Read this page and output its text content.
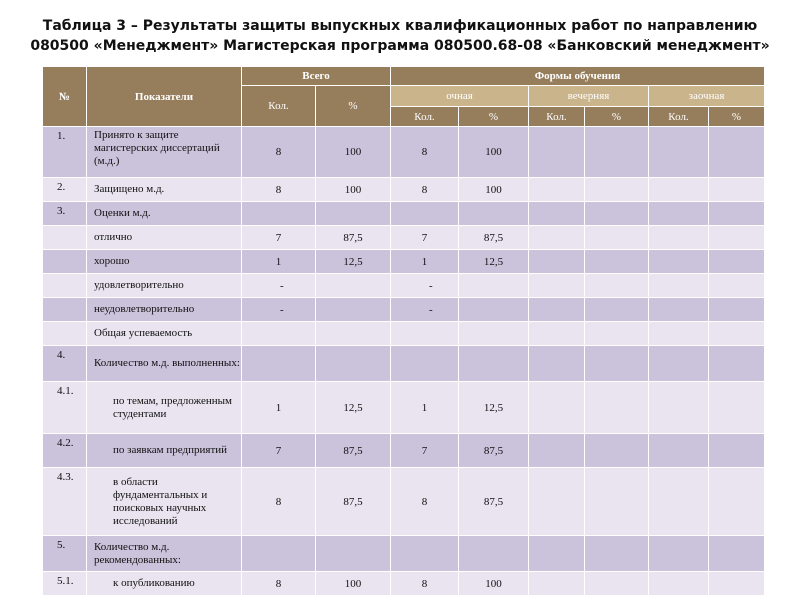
Таблица 3 – Результаты защиты выпускных квалификационных работ по направлению
080500 «Менеджмент» Магистерская программа 080500.68-08 «Банковский менеджмент»
№	Показатели	Всего		Формы обучения					
		Кол.	%	очная		вечерняя		заочная	
				Кол.	%	Кол.	%	Кол.	%
1.	Принято к защите магистерских диссертаций (м.д.)	8	100	8	100				
2.	Защищено м.д.	8	100	8	100				
3.	Оценки м.д.								
	отлично	7	87,5	7	87,5				
	хорошо	1	12,5	1	12,5				
	удовлетворительно	-		-					
	неудовлетворительно	-		-					
	Общая успеваемость								
4.	Количество м.д. выполненных:								
4.1.	по темам, предложенным студентами	1	12,5	1	12,5				
4.2.	по заявкам предприятий	7	87,5	7	87,5				
4.3.	в области фундаментальных и поисковых научных исследований	8	87,5	8	87,5				
5.	Количество м.д. рекомендованных:								
5.1.	к опубликованию	8	100	8	100				
